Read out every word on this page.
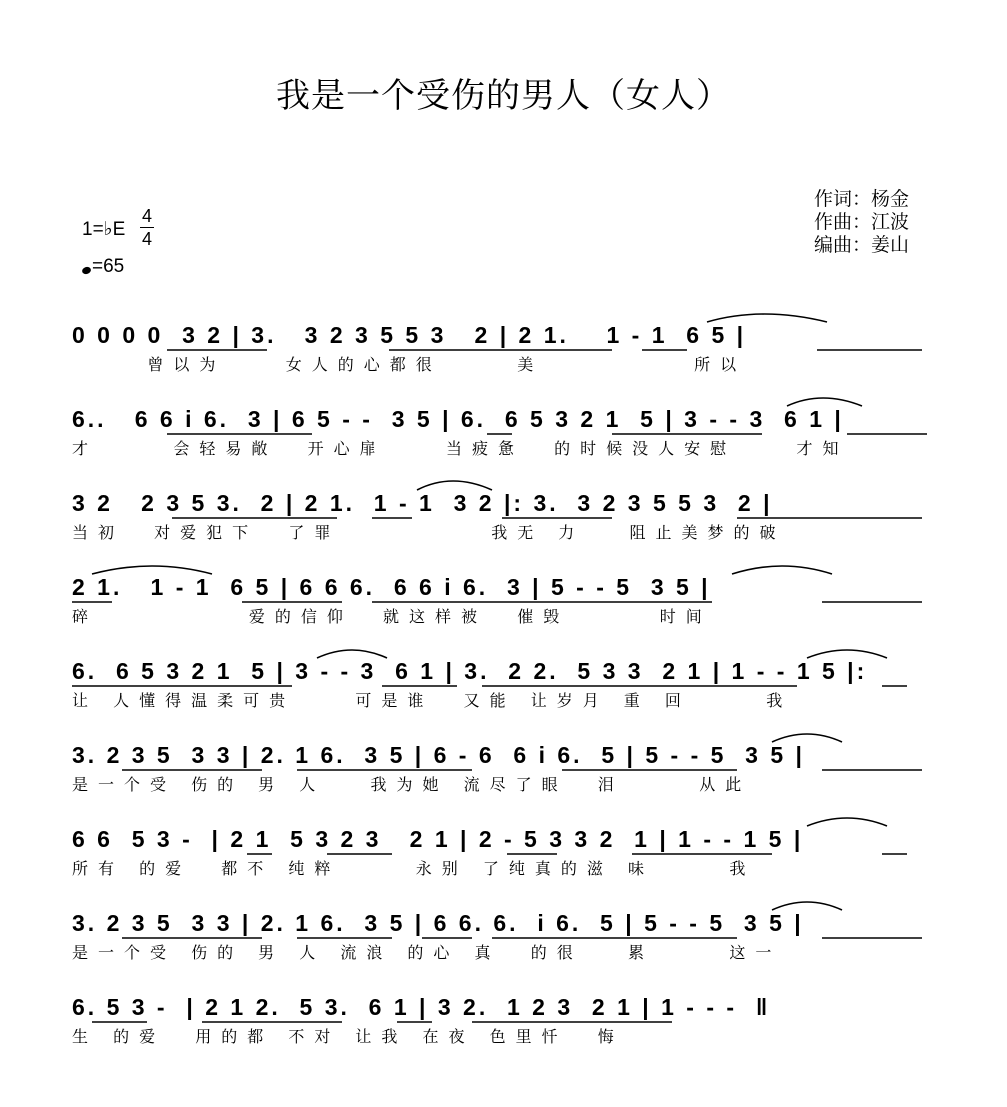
我是一个受伤的男人（女人）
1=♭E
4
4
=65
作词：杨金
作曲：江波
编曲：姜山
0 0 0 0  3 2 | 3.   3 2 3 5 5 3   2 | 2 1.    1 - 1  6 5 |
曾以为    女人的心都很     美          所以
6..   6 6 i 6.  3 | 6 5 - -  3 5 | 6.  6 5 3 2 1  5 | 3 - - 3  6 1 |
才     会轻易敞  开心扉    当疲惫  的时候没人安慰    才知
3 2   2 3 5 3.  2 | 2 1.  1 - 1  3 2 |: 3.  3 2 3 5 5 3  2 |
当初  对爱犯下  了罪          我无 力   阻止美梦的破
2 1.   1 - 1  6 5 | 6 6 6.  6 6 i 6.  3 | 5 - - 5  3 5 |
碎          爱的信仰  就这样被  催毁      时间
6.  6 5 3 2 1  5 | 3 - - 3  6 1 | 3.  2 2.  5 3 3  2 1 | 1 - - 1 5 |:
让 人懂得温柔可贵    可是谁  又能 让岁月 重 回     我
3. 2 3 5  3 3 | 2. 1 6.  3 5 | 6 - 6  6 i 6.  5 | 5 - - 5  3 5 |
是一个受 伤的 男 人   我为她 流尽了眼  泪     从此
6 6  5 3 -  | 2 1  5 3 2 3   2 1 | 2 - 5 3 3 2  1 | 1 - - 1 5 |
所有 的爱  都不 纯粹     永别 了纯真的滋 味     我
3. 2 3 5  3 3 | 2. 1 6.  3 5 | 6 6. 6.  i 6.  5 | 5 - - 5  3 5 |
是一个受 伤的 男 人 流浪 的心 真  的很   累     这一
6. 5 3 -  | 2 1 2.  5 3.  6 1 | 3 2.  1 2 3  2 1 | 1 - - -  ‖
生 的爱  用的都 不对 让我 在夜 色里忏  悔
